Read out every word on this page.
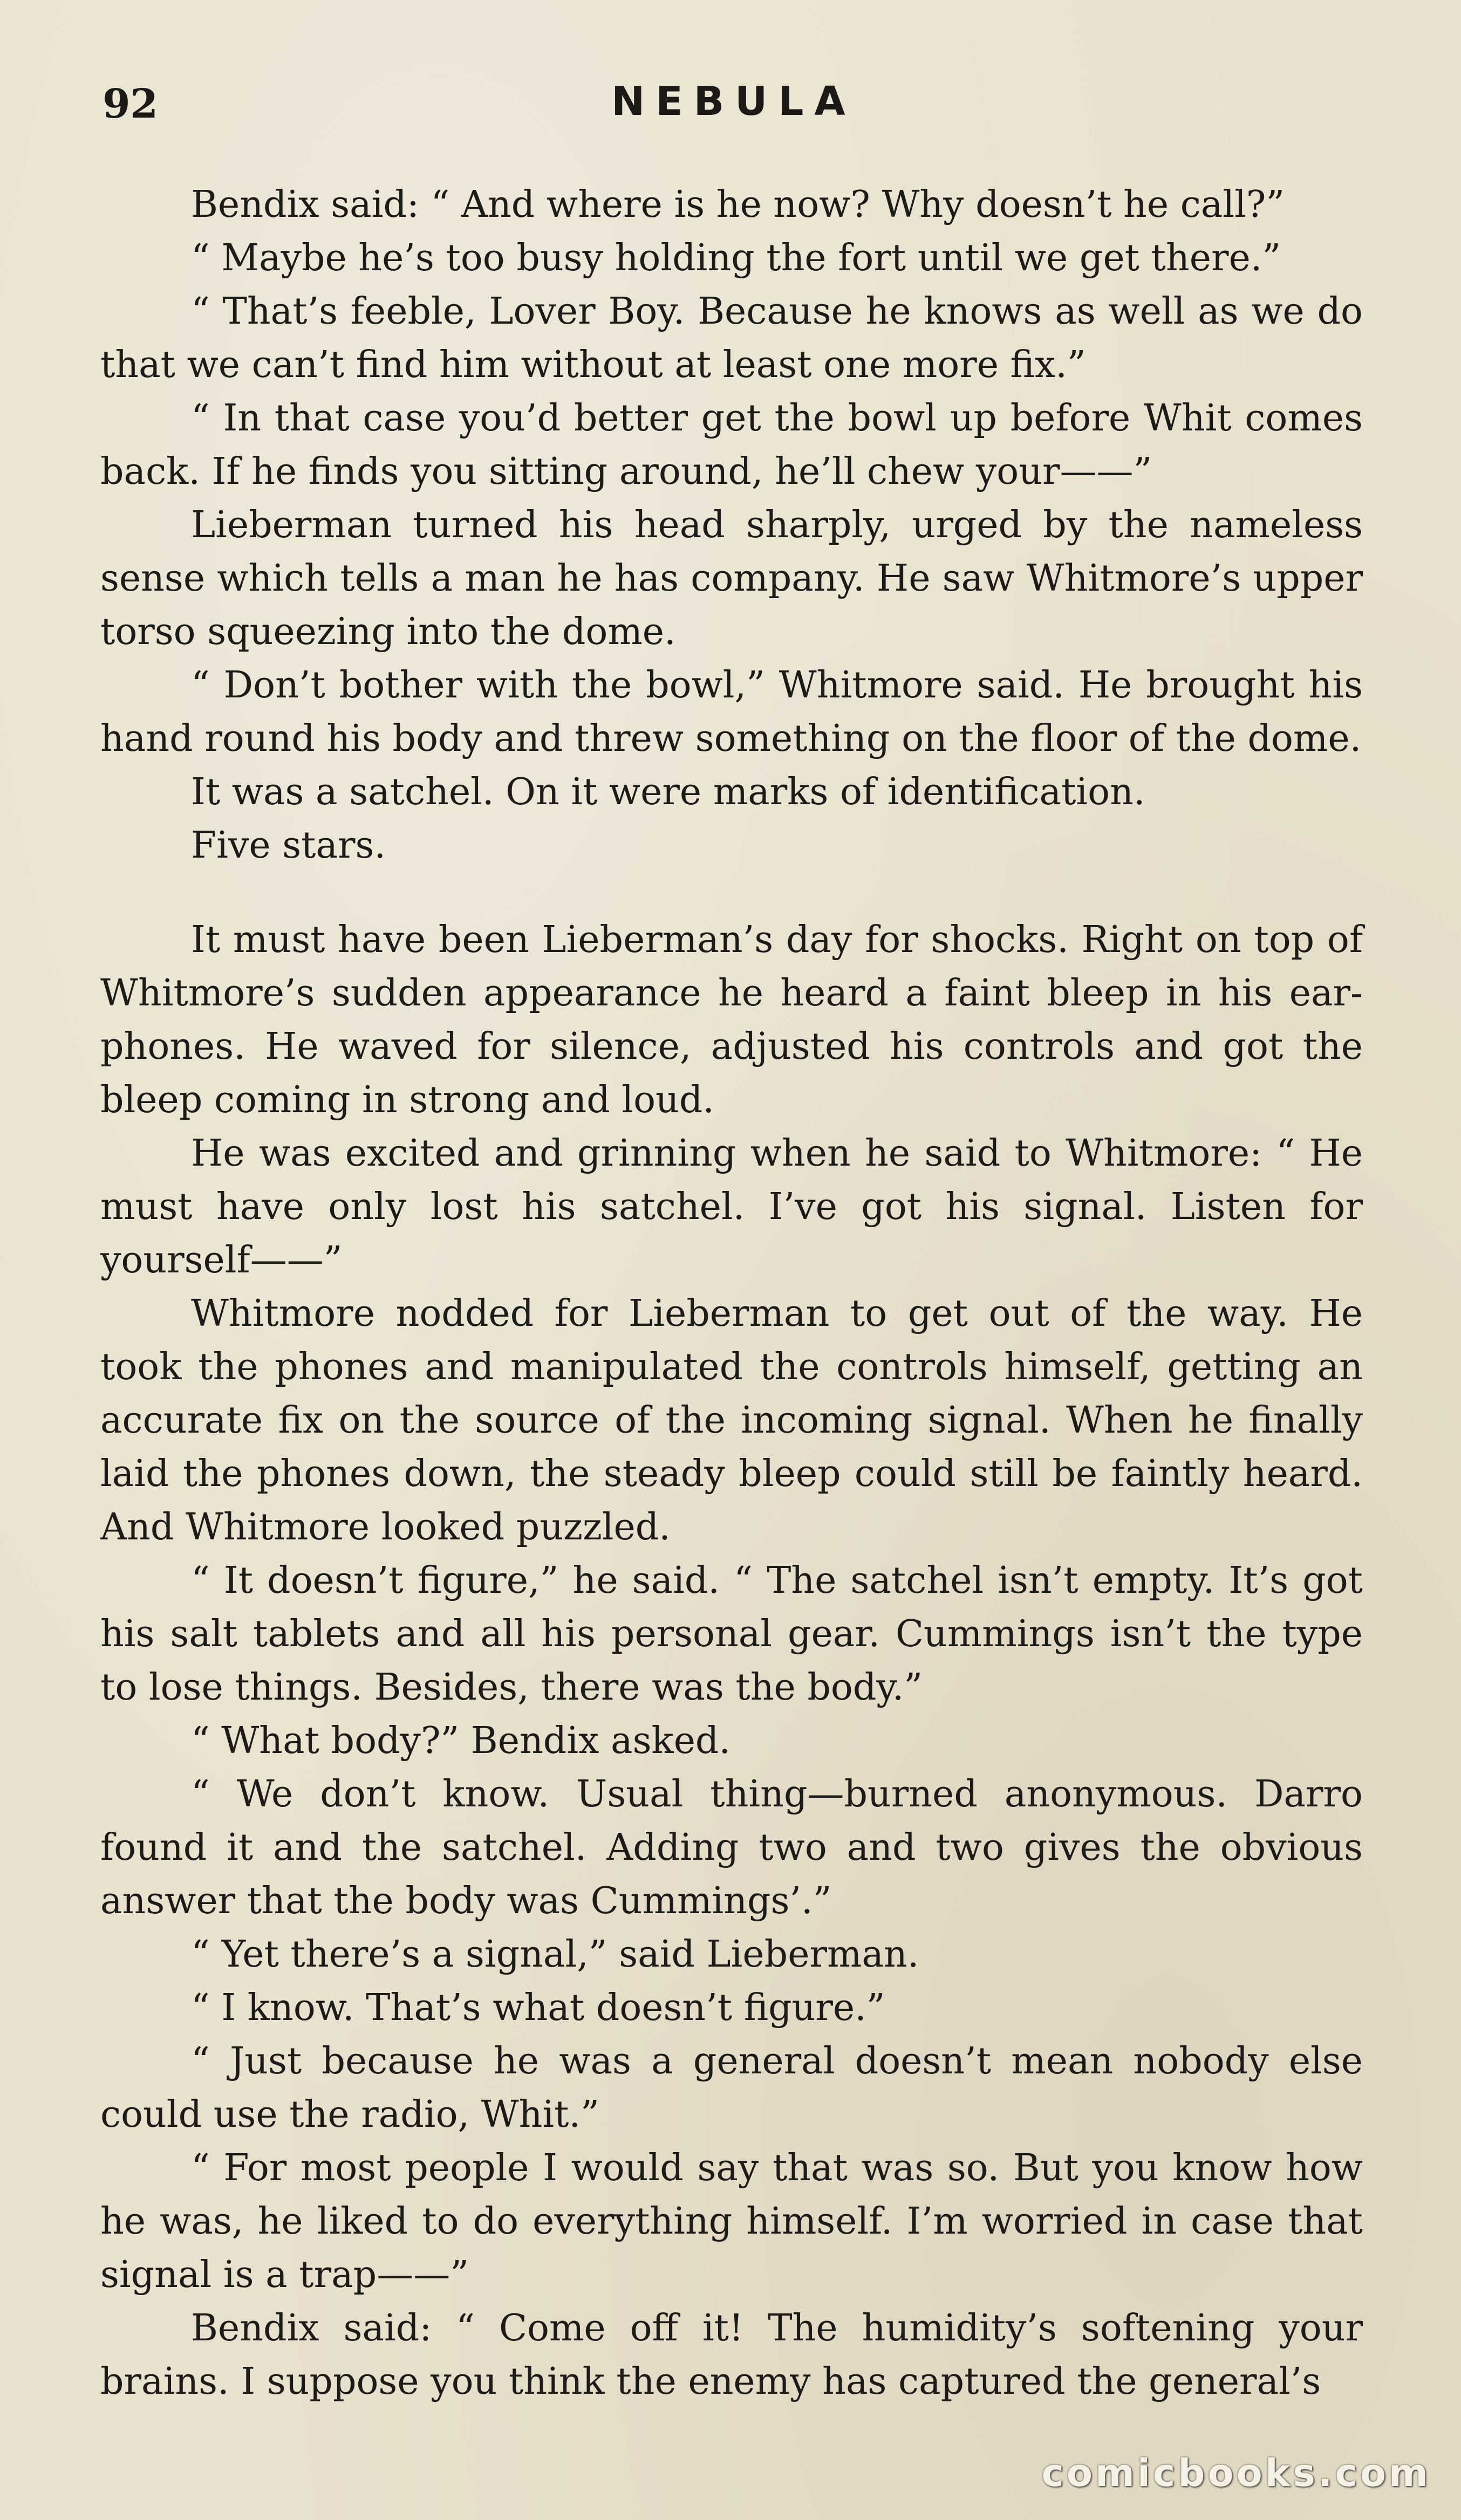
92	NEBULA

Bendix said: “ And where is he now? Why doesn’t he call?”

“ Maybe he’s too busy holding the fort until we get there.”

“ That’s feeble, Lover Boy. Because he knows as well as we do that we can’t find him without at least one more fix.”

“ In that case you’d better get the bowl up before Whit comes back. If he finds you sitting around, he’ll chew your——”

Lieberman turned his head sharply, urged by the nameless sense which tells a man he has company. He saw Whitmore’s upper torso squeezing into the dome.

“ Don’t bother with the bowl,” Whitmore said. He brought his hand round his body and threw something on the floor of the dome.

It was a satchel. On it were marks of identification.

Five stars.

It must have been Lieberman’s day for shocks. Right on top of Whitmore’s sudden appearance he heard a faint bleep in his ear-phones. He waved for silence, adjusted his controls and got the bleep coming in strong and loud.

He was excited and grinning when he said to Whitmore: “ He must have only lost his satchel. I’ve got his signal. Listen for yourself——”

Whitmore nodded for Lieberman to get out of the way. He took the phones and manipulated the controls himself, getting an accurate fix on the source of the incoming signal. When he finally laid the phones down, the steady bleep could still be faintly heard. And Whitmore looked puzzled.

“ It doesn’t figure,” he said. “ The satchel isn’t empty. It’s got his salt tablets and all his personal gear. Cummings isn’t the type to lose things. Besides, there was the body.”

“ What body?” Bendix asked.

“ We don’t know. Usual thing—burned anonymous. Darro found it and the satchel. Adding two and two gives the obvious answer that the body was Cummings’.”

“ Yet there’s a signal,” said Lieberman.

“ I know. That’s what doesn’t figure.”

“ Just because he was a general doesn’t mean nobody else could use the radio, Whit.”

“ For most people I would say that was so. But you know how he was, he liked to do everything himself. I’m worried in case that signal is a trap——”

Bendix said: “ Come off it! The humidity’s softening your brains. I suppose you think the enemy has captured the general’s

comicbooks.com
